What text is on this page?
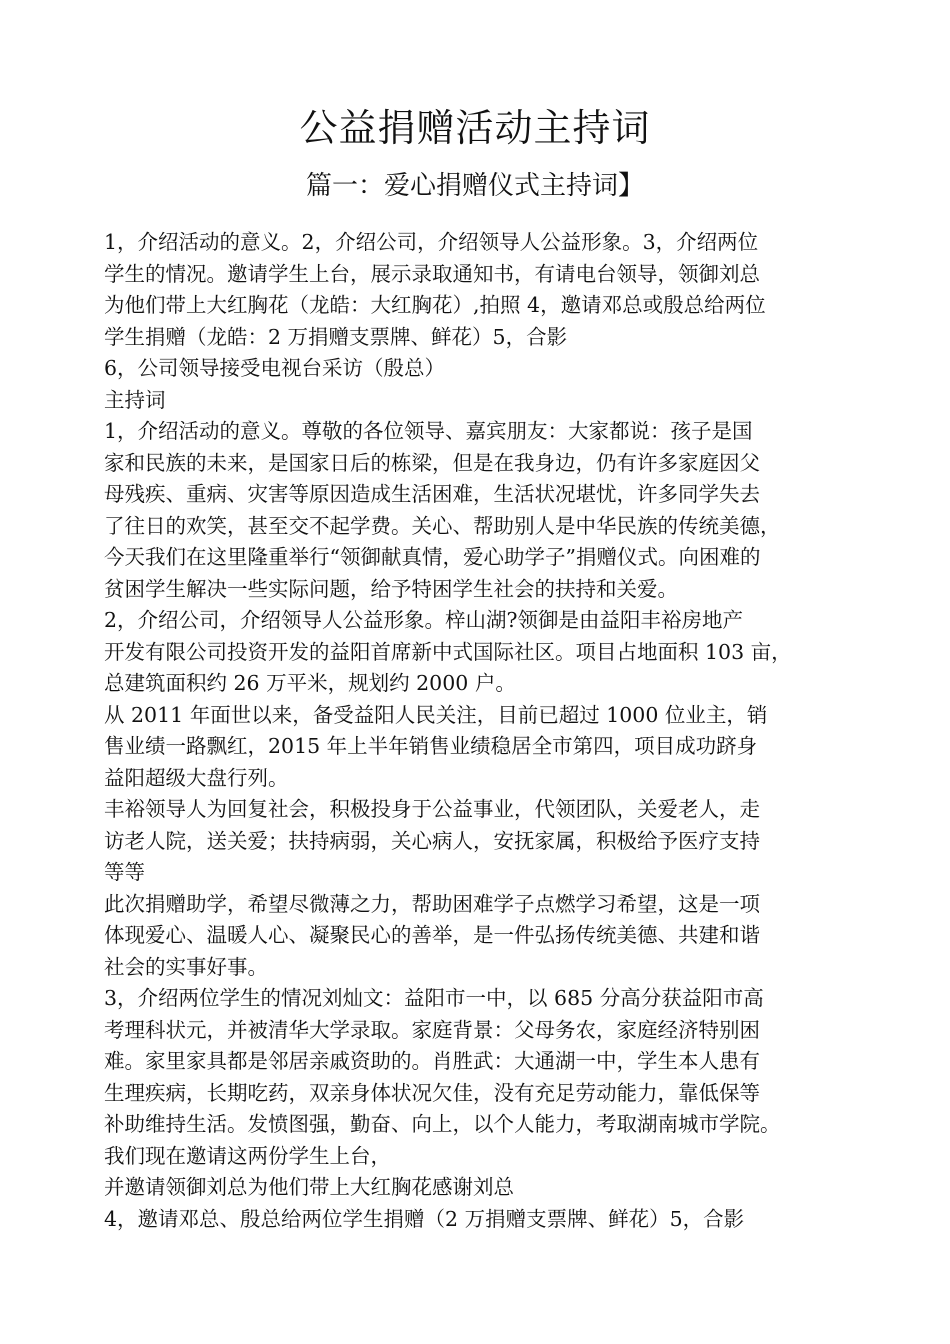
公益捐赠活动主持词
篇一：爱心捐赠仪式主持词】
1，介绍活动的意义。2，介绍公司，介绍领导人公益形象。3，介绍两位
学生的情况。邀请学生上台，展示录取通知书，有请电台领导，领御刘总
为他们带上大红胸花（龙皓：大红胸花）,拍照 4，邀请邓总或殷总给两位
学生捐赠（龙皓：2 万捐赠支票牌、鲜花）5，合影
6，公司领导接受电视台采访（殷总）
主持词
1，介绍活动的意义。尊敬的各位领导、嘉宾朋友：大家都说：孩子是国
家和民族的未来，是国家日后的栋梁，但是在我身边，仍有许多家庭因父
母残疾、重病、灾害等原因造成生活困难，生活状况堪忧，许多同学失去
了往日的欢笑，甚至交不起学费。关心、帮助别人是中华民族的传统美德，
今天我们在这里隆重举行“领御献真情，爱心助学子”捐赠仪式。向困难的
贫困学生解决一些实际问题，给予特困学生社会的扶持和关爱。
2，介绍公司，介绍领导人公益形象。梓山湖?领御是由益阳丰裕房地产
开发有限公司投资开发的益阳首席新中式国际社区。项目占地面积 103 亩，
总建筑面积约 26 万平米，规划约 2000 户。
从 2011 年面世以来，备受益阳人民关注，目前已超过 1000 位业主，销
售业绩一路飘红，2015 年上半年销售业绩稳居全市第四，项目成功跻身
益阳超级大盘行列。
丰裕领导人为回复社会，积极投身于公益事业，代领团队，关爱老人，走
访老人院，送关爱；扶持病弱，关心病人，安抚家属，积极给予医疗支持
等等
此次捐赠助学，希望尽微薄之力，帮助困难学子点燃学习希望，这是一项
体现爱心、温暖人心、凝聚民心的善举，是一件弘扬传统美德、共建和谐
社会的实事好事。
3，介绍两位学生的情况刘灿文：益阳市一中，以 685 分高分获益阳市高
考理科状元，并被清华大学录取。家庭背景：父母务农，家庭经济特别困
难。家里家具都是邻居亲戚资助的。肖胜武：大通湖一中，学生本人患有
生理疾病，长期吃药，双亲身体状况欠佳，没有充足劳动能力，靠低保等
补助维持生活。发愤图强，勤奋、向上，以个人能力，考取湖南城市学院。
我们现在邀请这两份学生上台，
并邀请领御刘总为他们带上大红胸花感谢刘总
4，邀请邓总、殷总给两位学生捐赠（2 万捐赠支票牌、鲜花）5，合影
